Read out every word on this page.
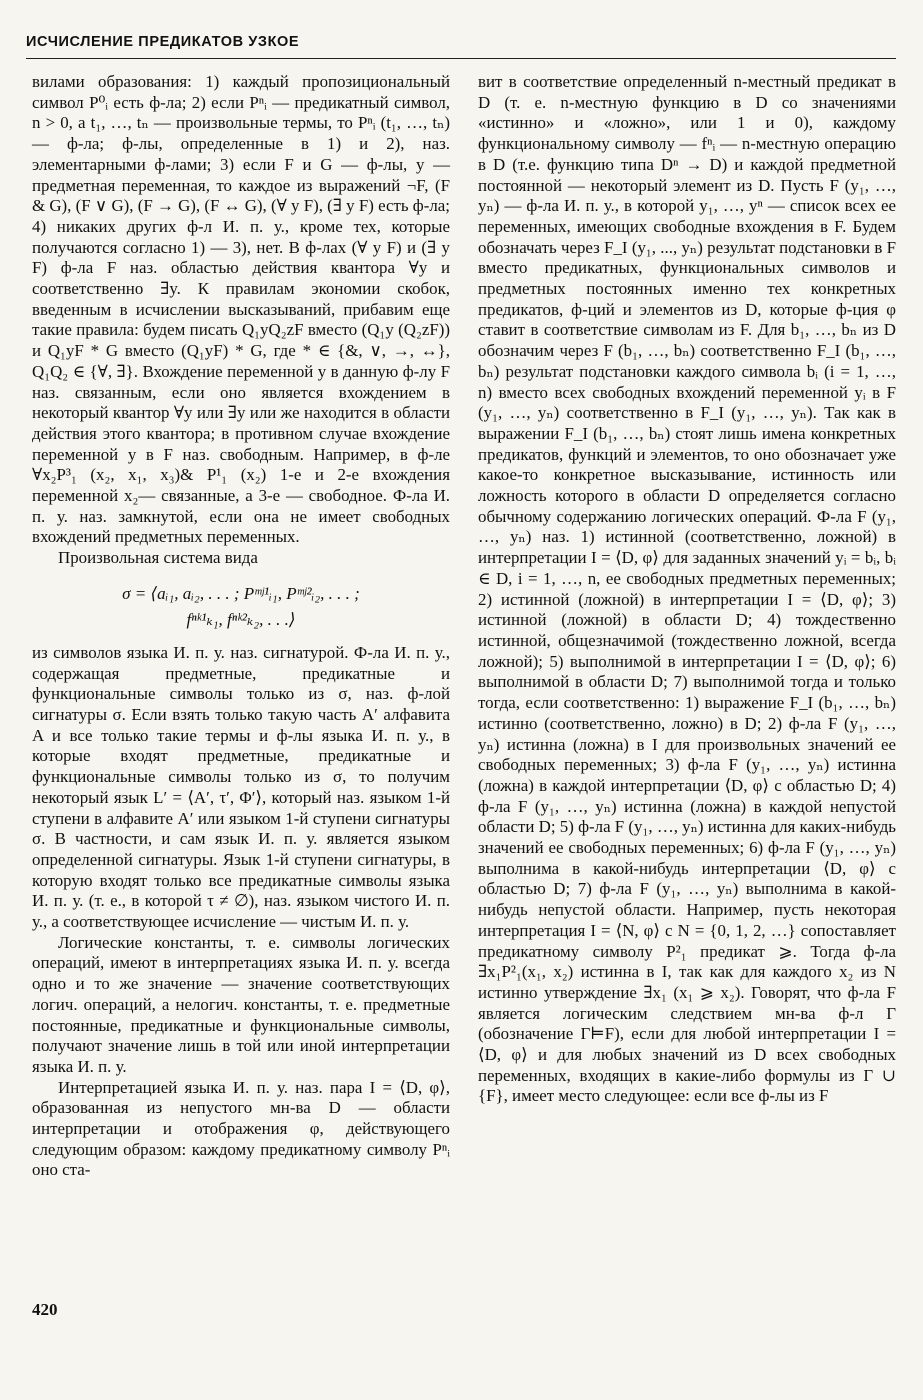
ИСЧИСЛЕНИЕ ПРЕДИКАТОВ УЗКОЕ

вилами образования: 1) каждый пропозициональный символ P⁰ᵢ есть ф-ла; 2) если Pⁿᵢ — предикатный символ, n > 0, а t₁, …, tₙ — произвольные термы, то Pⁿᵢ (t₁, …, tₙ) — ф-ла; ф-лы, определенные в 1) и 2), наз. элементарными ф-лами; 3) если F и G — ф-лы, y — предметная переменная, то каждое из выражений ¬F, (F & G), (F ∨ G), (F → G), (F ↔ G), (∀ y F), (∃ y F) есть ф-ла; 4) никаких других ф-л И. п. у., кроме тех, которые получаются согласно 1) — 3), нет. В ф-лах (∀ y F) и (∃ y F) ф-ла F наз. областью действия квантора ∀y и соответственно ∃y. К правилам экономии скобок, введенным в исчислении высказываний, прибавим еще такие правила: будем писать Q₁yQ₂zF вместо (Q₁y (Q₂zF)) и Q₁yF * G вместо (Q₁yF) * G, где * ∈ {&, ∨, →, ↔}, Q₁Q₂ ∈ {∀, ∃}. Вхождение переменной y в данную ф-лу F наз. связанным, если оно является вхождением в некоторый квантор ∀y или ∃y или же находится в области действия этого квантора; в противном случае вхождение переменной y в F наз. свободным. Например, в ф-ле ∀x₂P³₁ (x₂, x₁, x₃)& P¹₁ (x₂) 1-е и 2-е вхождения переменной x₂— связанные, а 3-е — свободное. Ф-ла И. п. у. наз. замкнутой, если она не имеет свободных вхождений предметных переменных.

Произвольная система вида

σ = ⟨aᵢ₁, aᵢ₂, . . . ; Pᵐʲ¹ᵢ₁, Pᵐʲ²ᵢ₂, . . . ;
fⁿᵏ¹ₖ₁, fⁿᵏ²ₖ₂, . . .⟩

из символов языка И. п. у. наз. сигнатурой. Ф-ла И. п. у., содержащая предметные, предикатные и функциональные символы только из σ, наз. ф-лой сигнатуры σ. Если взять только такую часть A′ алфавита A и все только такие термы и ф-лы языка И. п. у., в которые входят предметные, предикатные и функциональные символы только из σ, то получим некоторый язык L′ = ⟨A′, τ′, Φ′⟩, который наз. языком 1-й ступени в алфавите A′ или языком 1-й ступени сигнатуры σ. В частности, и сам язык И. п. у. является языком определенной сигнатуры. Язык 1-й ступени сигнатуры, в которую входят только все предикатные символы языка И. п. у. (т. е., в которой τ ≠ ∅), наз. языком чистого И. п. у., а соответствующее исчисление — чистым И. п. у.

Логические константы, т. е. символы логических операций, имеют в интерпретациях языка И. п. у. всегда одно и то же значение — значение соответствующих логич. операций, а нелогич. константы, т. е. предметные постоянные, предикатные и функциональные символы, получают значение лишь в той или иной интерпретации языка И. п. у.

Интерпретацией языка И. п. у. наз. пара I = ⟨D, φ⟩, образованная из непустого мн-ва D — области интерпретации и отображения φ, действующего следующим образом: каждому предикатному символу Pⁿᵢ оно ста-

вит в соответствие определенный n-местный предикат в D (т. е. n-местную функцию в D со значениями «истинно» и «ложно», или 1 и 0), каждому функциональному символу — fⁿᵢ — n-местную операцию в D (т.е. функцию типа Dⁿ → D) и каждой предметной постоянной — некоторый элемент из D. Пусть F (y₁, …, yₙ) — ф-ла И. п. у., в которой y₁, …, yⁿ — список всех ее переменных, имеющих свободные вхождения в F. Будем обозначать через F_I (y₁, ..., yₙ) результат подстановки в F вместо предикатных, функциональных символов и предметных постоянных именно тех конкретных предикатов, ф-ций и элементов из D, которые ф-ция φ ставит в соответствие символам из F. Для b₁, …, bₙ из D обозначим через F (b₁, …, bₙ) соответственно F_I (b₁, …, bₙ) результат подстановки каждого символа bᵢ (i = 1, …, n) вместо всех свободных вхождений переменной yᵢ в F (y₁, …, yₙ) соответственно в F_I (y₁, …, yₙ). Так как в выражении F_I (b₁, …, bₙ) стоят лишь имена конкретных предикатов, функций и элементов, то оно обозначает уже какое-то конкретное высказывание, истинность или ложность которого в области D определяется согласно обычному содержанию логических операций. Ф-ла F (y₁, …, yₙ) наз. 1) истинной (соответственно, ложной) в интерпретации I = ⟨D, φ⟩ для заданных значений yᵢ = bᵢ, bᵢ ∈ D, i = 1, …, n, ее свободных предметных переменных; 2) истинной (ложной) в интерпретации I = ⟨D, φ⟩; 3) истинной (ложной) в области D; 4) тождественно истинной, общезначимой (тождественно ложной, всегда ложной); 5) выполнимой в интерпретации I = ⟨D, φ⟩; 6) выполнимой в области D; 7) выполнимой тогда и только тогда, если соответственно: 1) выражение F_I (b₁, …, bₙ) истинно (соответственно, ложно) в D; 2) ф-ла F (y₁, …, yₙ) истинна (ложна) в I для произвольных значений ее свободных переменных; 3) ф-ла F (y₁, …, yₙ) истинна (ложна) в каждой интерпретации ⟨D, φ⟩ с областью D; 4) ф-ла F (y₁, …, yₙ) истинна (ложна) в каждой непустой области D; 5) ф-ла F (y₁, …, yₙ) истинна для каких-нибудь значений ее свободных переменных; 6) ф-ла F (y₁, …, yₙ) выполнима в какой-нибудь интерпретации ⟨D, φ⟩ с областью D; 7) ф-ла F (y₁, …, yₙ) выполнима в какой-нибудь непустой области. Например, пусть некоторая интерпретация I = ⟨N, φ⟩ с N = {0, 1, 2, …} сопоставляет предикатному символу P²₁ предикат ⩾. Тогда ф-ла ∃x₁P²₁(x₁, x₂) истинна в I, так как для каждого x₂ из N истинно утверждение ∃x₁ (x₁ ⩾ x₂). Говорят, что ф-ла F является логическим следствием мн-ва ф-л Γ (обозначение Γ⊨F), если для любой интерпретации I = ⟨D, φ⟩ и для любых значений из D всех свободных переменных, входящих в какие-либо формулы из Γ ∪ {F}, имеет место следующее: если все ф-лы из F

420
